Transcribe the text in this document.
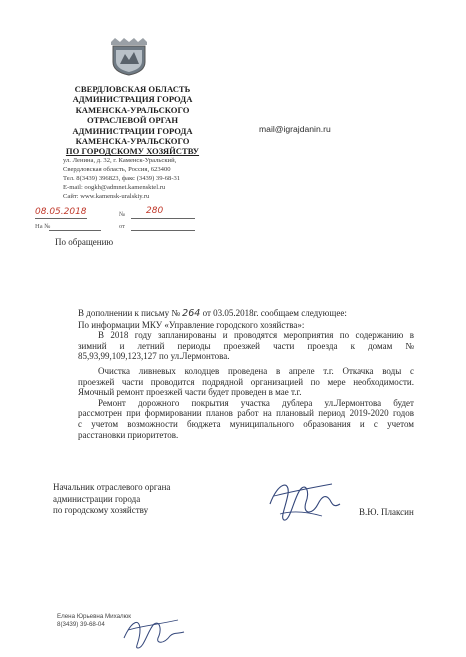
СВЕРДЛОВСКАЯ ОБЛАСТЬ
АДМИНИСТРАЦИЯ ГОРОДА
КАМЕНСКА-УРАЛЬСКОГО
ОТРАСЛЕВОЙ ОРГАН
АДМИНИСТРАЦИИ ГОРОДА
КАМЕНСКА-УРАЛЬСКОГО
ПО ГОРОДСКОМУ ХОЗЯЙСТВУ
ул. Ленина, д. 32, г. Каменск-Уральский,
Свердловская область, Россия, 623400
Тел. 8(3439) 396823, факс (3439) 39-68-31
E-mail: oogkh@admnet.kamensktel.ru
Сайт: www.kamensk-uralskiy.ru
mail@igrajdanin.ru
08.05.2018	№ 280
На №	от
По обращению

В дополнении к письму № 264 от 03.05.2018г. сообщаем следующее:

По информации МКУ «Управление городского хозяйства»:

В 2018 году запланированы и проводятся мероприятия по содержанию в

зимний и летний периоды проезжей части проезда к домам №

85,93,99,109,123,127 по ул.Лермонтова.

Очистка ливневых колодцев проведена в апреле т.г. Откачка воды с

проезжей части проводится подрядной организацией по мере необходимости.

Ямочный ремонт проезжей части будет проведен в мае т.г.

Ремонт дорожного покрытия участка дублера ул.Лермонтова будет

рассмотрен при формировании планов работ на плановый период 2019-2020 годов

с учетом возможности бюджета муниципального образования и с учетом

расстановки приоритетов.

Начальник отраслевого органа
администрации города
по городскому хозяйству	В.Ю. Плаксин
Елена Юрьевна Михалюк
8(3439) 39-68-04
